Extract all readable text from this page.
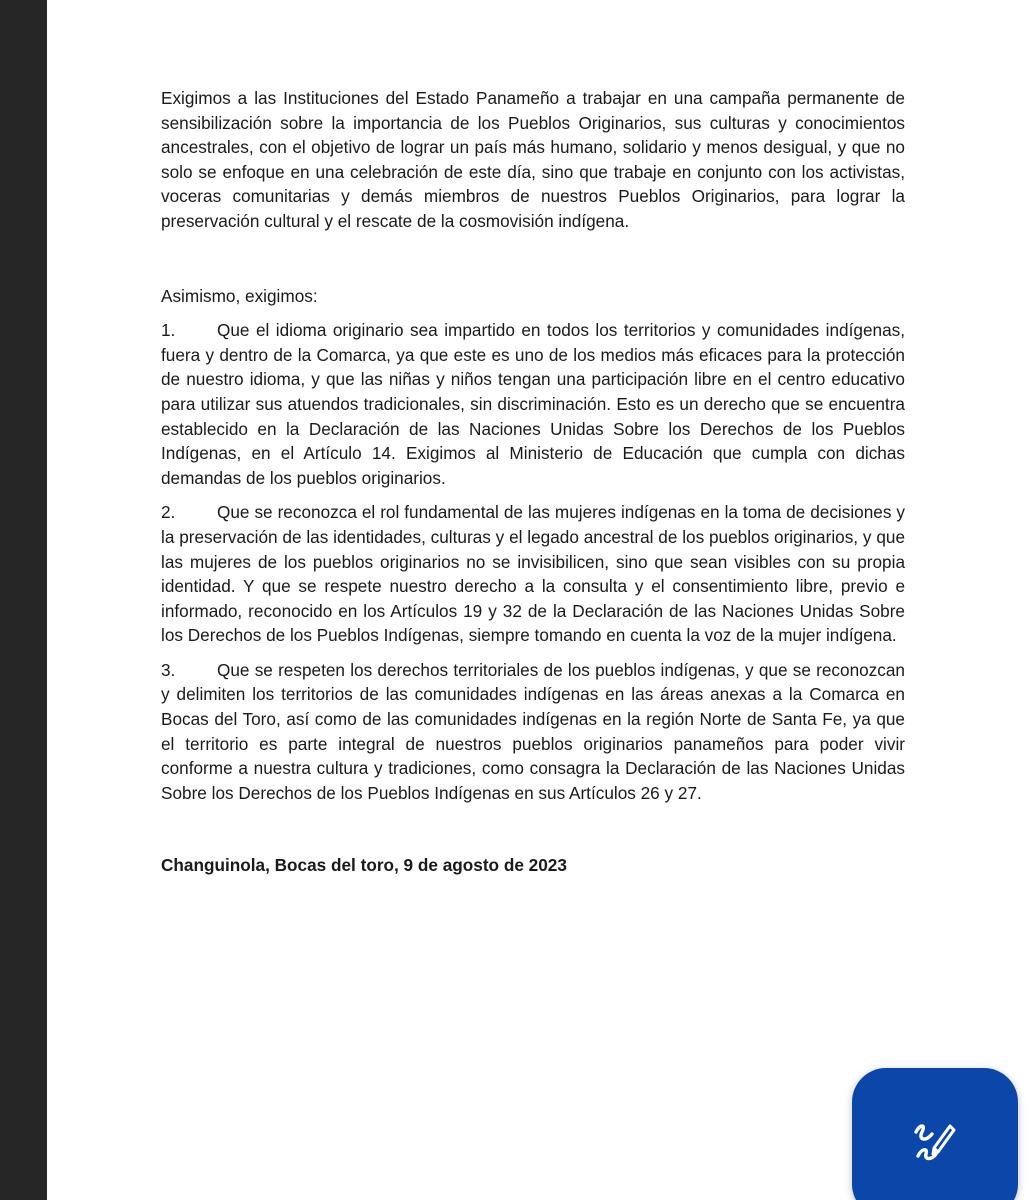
Exigimos a las Instituciones del Estado Panameño a trabajar en una campaña permanente de sensibilización sobre la importancia de los Pueblos Originarios, sus culturas y conocimientos ancestrales, con el objetivo de lograr un país más humano, solidario y menos desigual, y que no solo se enfoque en una celebración de este día, sino que trabaje en conjunto con los activistas, voceras comunitarias y demás miembros de nuestros Pueblos Originarios, para lograr la preservación cultural y el rescate de la cosmovisión indígena.

Asimismo, exigimos:

1. Que el idioma originario sea impartido en todos los territorios y comunidades indígenas, fuera y dentro de la Comarca, ya que este es uno de los medios más eficaces para la protección de nuestro idioma, y que las niñas y niños tengan una participación libre en el centro educativo para utilizar sus atuendos tradicionales, sin discriminación. Esto es un derecho que se encuentra establecido en la Declaración de las Naciones Unidas Sobre los Derechos de los Pueblos Indígenas, en el Artículo 14. Exigimos al Ministerio de Educación que cumpla con dichas demandas de los pueblos originarios.

2. Que se reconozca el rol fundamental de las mujeres indígenas en la toma de decisiones y la preservación de las identidades, culturas y el legado ancestral de los pueblos originarios, y que las mujeres de los pueblos originarios no se invisibilicen, sino que sean visibles con su propia identidad. Y que se respete nuestro derecho a la consulta y el consentimiento libre, previo e informado, reconocido en los Artículos 19 y 32 de la Declaración de las Naciones Unidas Sobre los Derechos de los Pueblos Indígenas, siempre tomando en cuenta la voz de la mujer indígena.

3. Que se respeten los derechos territoriales de los pueblos indígenas, y que se reconozcan y delimiten los territorios de las comunidades indígenas en las áreas anexas a la Comarca en Bocas del Toro, así como de las comunidades indígenas en la región Norte de Santa Fe, ya que el territorio es parte integral de nuestros pueblos originarios panameños para poder vivir conforme a nuestra cultura y tradiciones, como consagra la Declaración de las Naciones Unidas Sobre los Derechos de los Pueblos Indígenas en sus Artículos 26 y 27.

Changuinola, Bocas del toro, 9 de agosto de 2023
